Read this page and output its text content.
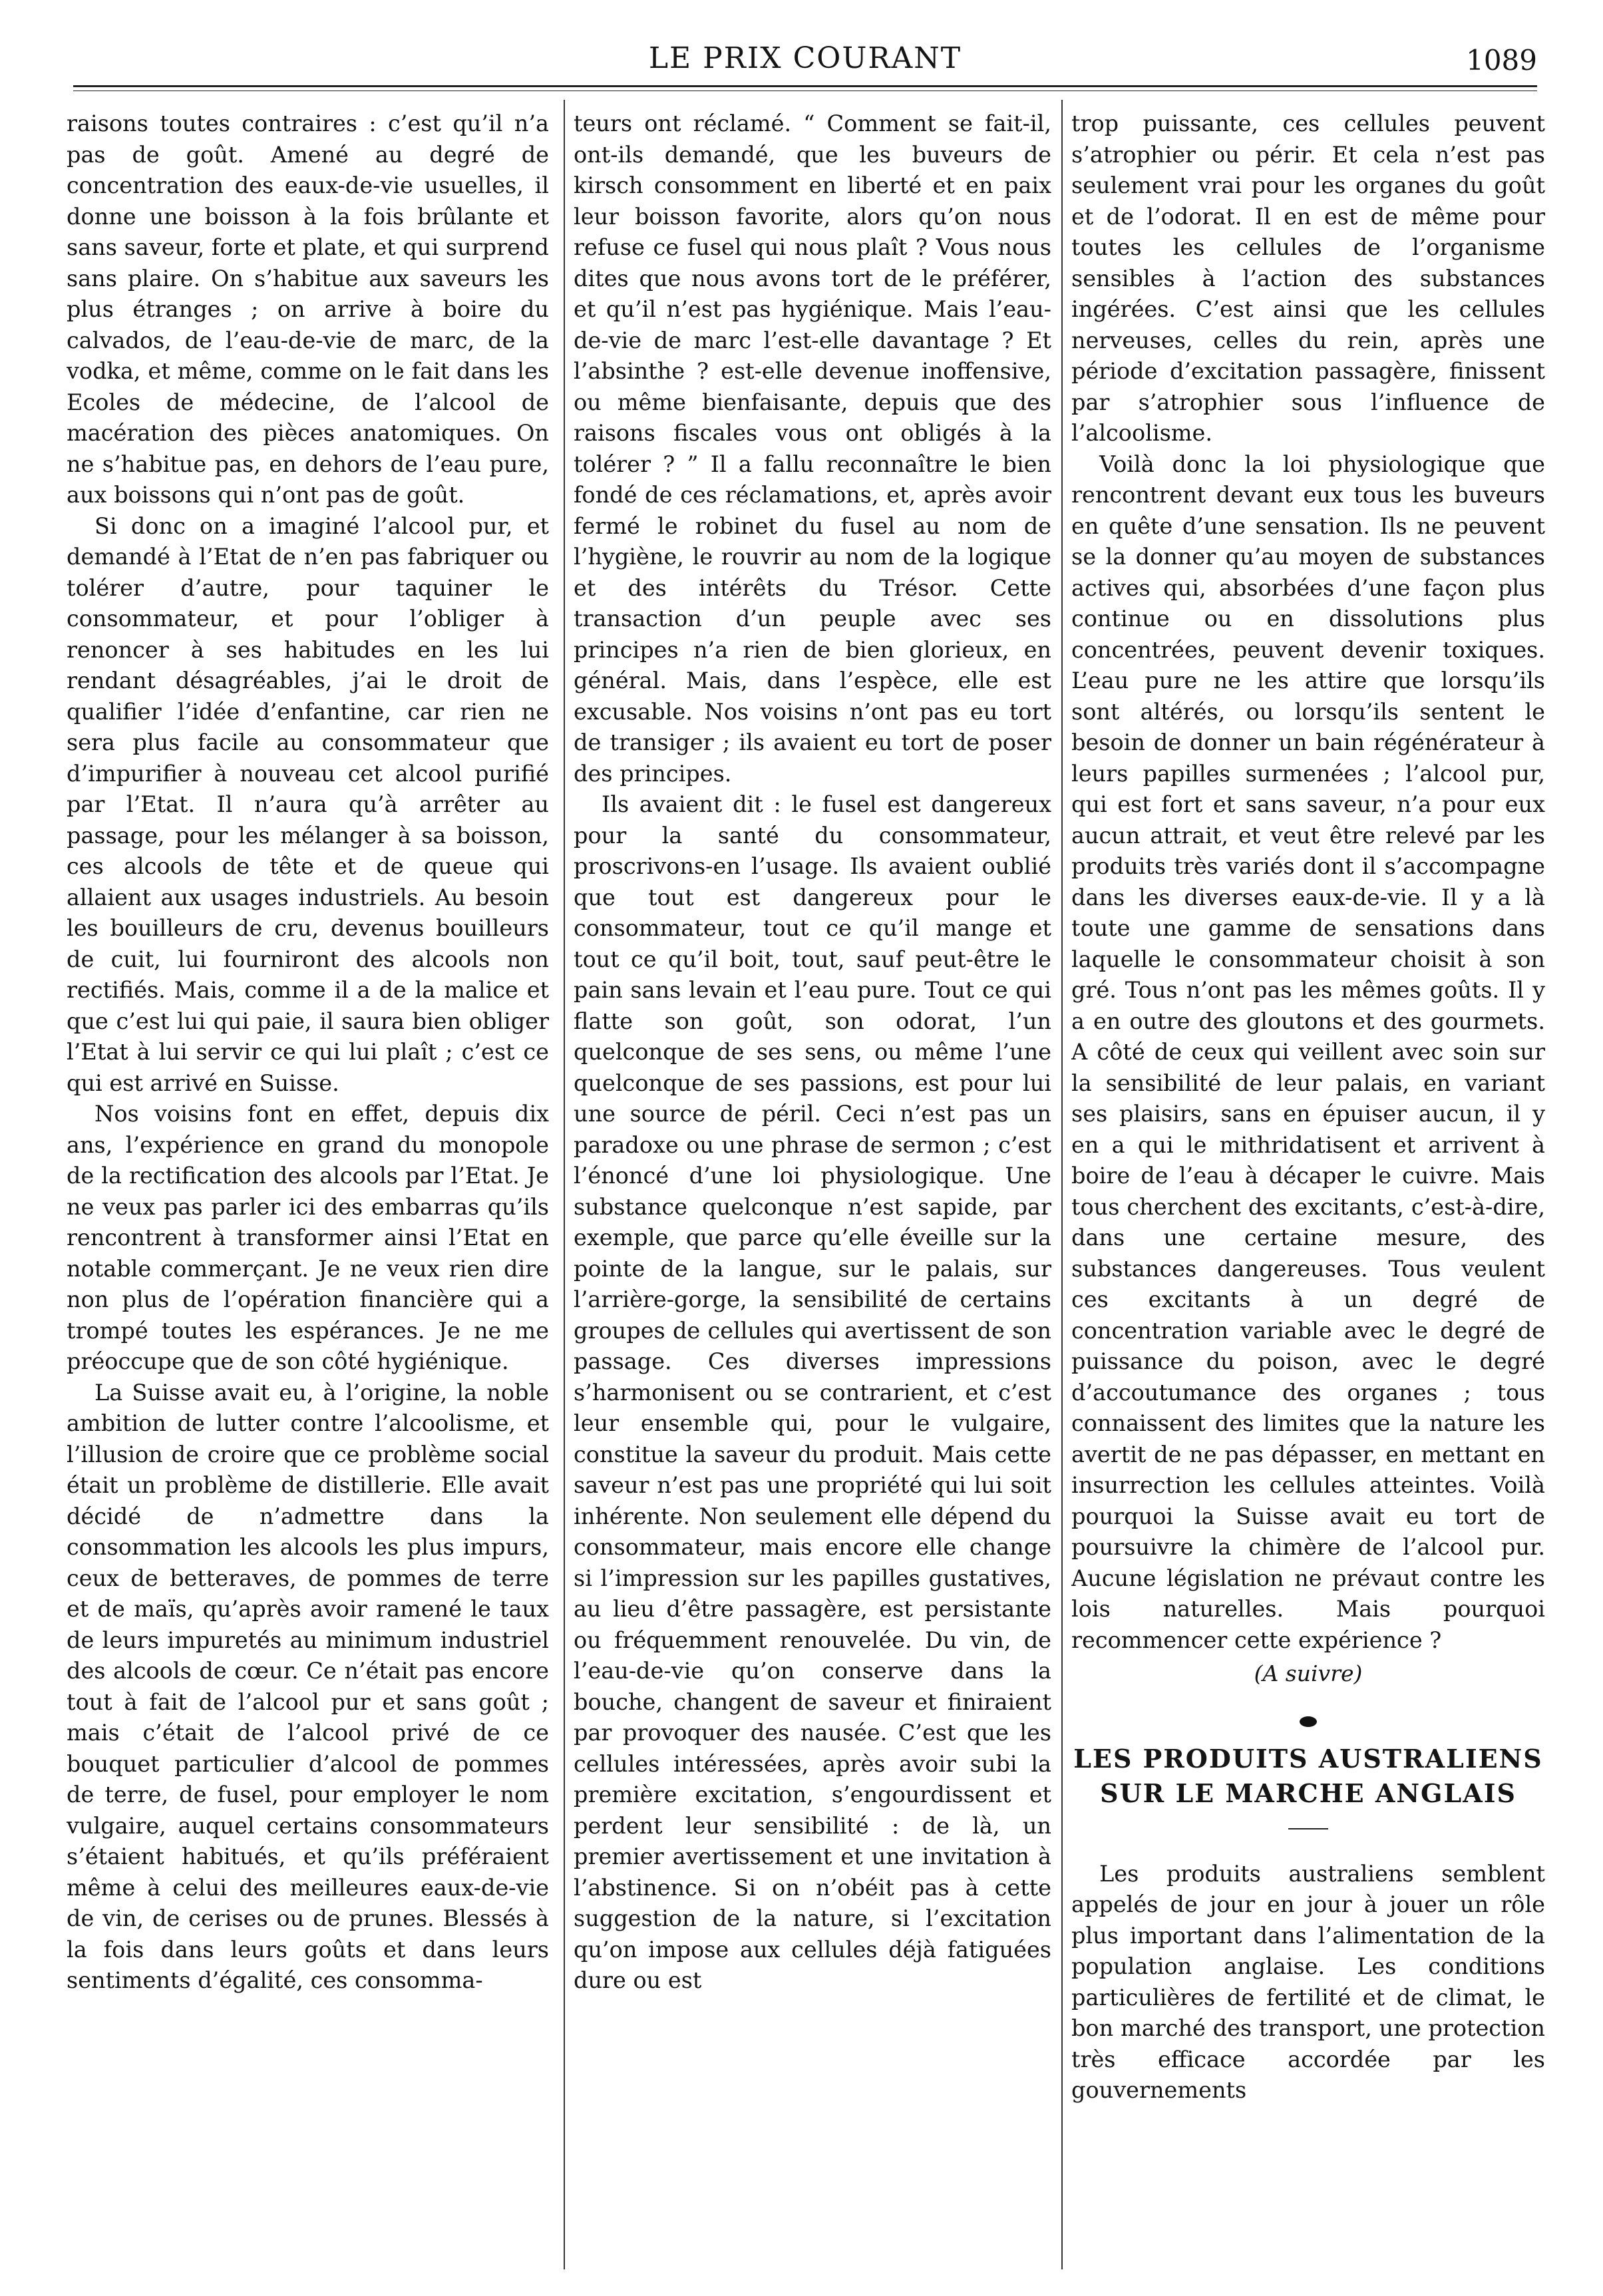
LE PRIX COURANT	1089

raisons toutes contraires : c’est qu’il n’a pas de goût. Amené au degré de concentration des eaux-de-vie usuelles, il donne une boisson à la fois brûlante et sans saveur, forte et plate, et qui surprend sans plaire. On s’habitue aux saveurs les plus étranges ; on arrive à boire du calvados, de l’eau-de-vie de marc, de la vodka, et même, comme on le fait dans les Ecoles de médecine, de l’alcool de macération des pièces anatomiques. On ne s’habitue pas, en dehors de l’eau pure, aux boissons qui n’ont pas de goût.

Si donc on a imaginé l’alcool pur, et demandé à l’Etat de n’en pas fabriquer ou tolérer d’autre, pour taquiner le consommateur, et pour l’obliger à renoncer à ses habitudes en les lui rendant désagréables, j’ai le droit de qualifier l’idée d’enfantine, car rien ne sera plus facile au consommateur que d’impurifier à nouveau cet alcool purifié par l’Etat. Il n’aura qu’à arrêter au passage, pour les mélanger à sa boisson, ces alcools de tête et de queue qui allaient aux usages industriels. Au besoin les bouilleurs de cru, devenus bouilleurs de cuit, lui fourniront des alcools non rectifiés. Mais, comme il a de la malice et que c’est lui qui paie, il saura bien obliger l’Etat à lui servir ce qui lui plaît ; c’est ce qui est arrivé en Suisse.

Nos voisins font en effet, depuis dix ans, l’expérience en grand du monopole de la rectification des alcools par l’Etat. Je ne veux pas parler ici des embarras qu’ils rencontrent à transformer ainsi l’Etat en notable commerçant. Je ne veux rien dire non plus de l’opération financière qui a trompé toutes les espérances. Je ne me préoccupe que de son côté hygiénique.

La Suisse avait eu, à l’origine, la noble ambition de lutter contre l’alcoolisme, et l’illusion de croire que ce problème social était un problème de distillerie. Elle avait décidé de n’admettre dans la consommation les alcools les plus impurs, ceux de betteraves, de pommes de terre et de maïs, qu’après avoir ramené le taux de leurs impuretés au minimum industriel des alcools de cœur. Ce n’était pas encore tout à fait de l’alcool pur et sans goût ; mais c’était de l’alcool privé de ce bouquet particulier d’alcool de pommes de terre, de fusel, pour employer le nom vulgaire, auquel certains consommateurs s’étaient habitués, et qu’ils préféraient même à celui des meilleures eaux-de-vie de vin, de cerises ou de prunes. Blessés à la fois dans leurs goûts et dans leurs sentiments d’égalité, ces consomma-

teurs ont réclamé. “ Comment se fait-il, ont-ils demandé, que les buveurs de kirsch consomment en liberté et en paix leur boisson favorite, alors qu’on nous refuse ce fusel qui nous plaît ? Vous nous dites que nous avons tort de le préférer, et qu’il n’est pas hygiénique. Mais l’eau-de-vie de marc l’est-elle davantage ? Et l’absinthe ? est-elle devenue inoffensive, ou même bienfaisante, depuis que des raisons fiscales vous ont obligés à la tolérer ? ” Il a fallu reconnaître le bien fondé de ces réclamations, et, après avoir fermé le robinet du fusel au nom de l’hygiène, le rouvrir au nom de la logique et des intérêts du Trésor. Cette transaction d’un peuple avec ses principes n’a rien de bien glorieux, en général. Mais, dans l’espèce, elle est excusable. Nos voisins n’ont pas eu tort de transiger ; ils avaient eu tort de poser des principes.

Ils avaient dit : le fusel est dangereux pour la santé du consommateur, proscrivons-en l’usage. Ils avaient oublié que tout est dangereux pour le consommateur, tout ce qu’il mange et tout ce qu’il boit, tout, sauf peut-être le pain sans levain et l’eau pure. Tout ce qui flatte son goût, son odorat, l’un quelconque de ses sens, ou même l’une quelconque de ses passions, est pour lui une source de péril. Ceci n’est pas un paradoxe ou une phrase de sermon ; c’est l’énoncé d’une loi physiologique. Une substance quelconque n’est sapide, par exemple, que parce qu’elle éveille sur la pointe de la langue, sur le palais, sur l’arrière-gorge, la sensibilité de certains groupes de cellules qui avertissent de son passage. Ces diverses impressions s’harmonisent ou se contrarient, et c’est leur ensemble qui, pour le vulgaire, constitue la saveur du produit. Mais cette saveur n’est pas une propriété qui lui soit inhérente. Non seulement elle dépend du consommateur, mais encore elle change si l’impression sur les papilles gustatives, au lieu d’être passagère, est persistante ou fréquemment renouvelée. Du vin, de l’eau-de-vie qu’on conserve dans la bouche, changent de saveur et finiraient par provoquer des nausée. C’est que les cellules intéressées, après avoir subi la première excitation, s’engourdissent et perdent leur sensibilité : de là, un premier avertissement et une invitation à l’abstinence. Si on n’obéit pas à cette suggestion de la nature, si l’excitation qu’on impose aux cellules déjà fatiguées dure ou est

trop puissante, ces cellules peuvent s’atrophier ou périr. Et cela n’est pas seulement vrai pour les organes du goût et de l’odorat. Il en est de même pour toutes les cellules de l’organisme sensibles à l’action des substances ingérées. C’est ainsi que les cellules nerveuses, celles du rein, après une période d’excitation passagère, finissent par s’atrophier sous l’influence de l’alcoolisme.

Voilà donc la loi physiologique que rencontrent devant eux tous les buveurs en quête d’une sensation. Ils ne peuvent se la donner qu’au moyen de substances actives qui, absorbées d’une façon plus continue ou en dissolutions plus concentrées, peuvent devenir toxiques. L’eau pure ne les attire que lorsqu’ils sont altérés, ou lorsqu’ils sentent le besoin de donner un bain régénérateur à leurs papilles surmenées ; l’alcool pur, qui est fort et sans saveur, n’a pour eux aucun attrait, et veut être relevé par les produits très variés dont il s’accompagne dans les diverses eaux-de-vie. Il y a là toute une gamme de sensations dans laquelle le consommateur choisit à son gré. Tous n’ont pas les mêmes goûts. Il y a en outre des gloutons et des gourmets. A côté de ceux qui veillent avec soin sur la sensibilité de leur palais, en variant ses plaisirs, sans en épuiser aucun, il y en a qui le mithridatisent et arrivent à boire de l’eau à décaper le cuivre. Mais tous cherchent des excitants, c’est-à-dire, dans une certaine mesure, des substances dangereuses. Tous veulent ces excitants à un degré de concentration variable avec le degré de puissance du poison, avec le degré d’accoutumance des organes ; tous connaissent des limites que la nature les avertit de ne pas dépasser, en mettant en insurrection les cellules atteintes. Voilà pourquoi la Suisse avait eu tort de poursuivre la chimère de l’alcool pur. Aucune législation ne prévaut contre les lois naturelles. Mais pourquoi recommencer cette expérience ?

(A suivre)
LES PRODUITS AUSTRALIENS
SUR LE MARCHE ANGLAIS

Les produits australiens semblent appelés de jour en jour à jouer un rôle plus important dans l’alimentation de la population anglaise. Les conditions particulières de fertilité et de climat, le bon marché des transport, une protection très efficace accordée par les gouvernements
